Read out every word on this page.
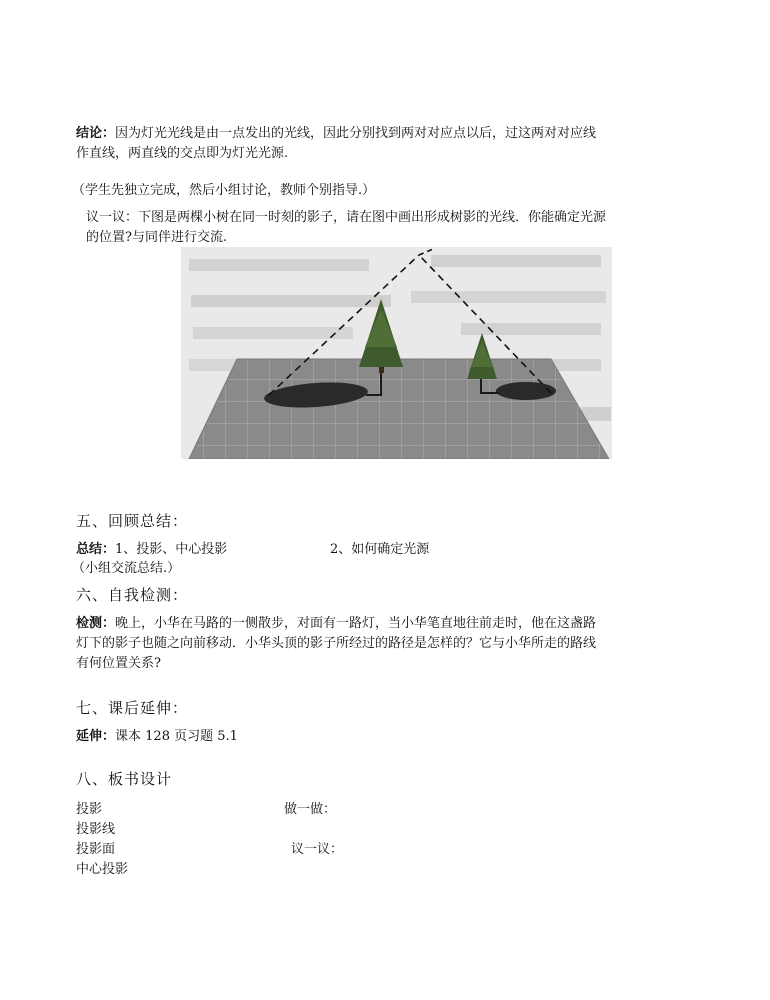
结论：因为灯光光线是由一点发出的光线，因此分别找到两对对应点以后，过这两对对应线
作直线，两直线的交点即为灯光光源.
（学生先独立完成，然后小组讨论，教师个别指导.）
议一议：下图是两棵小树在同一时刻的影子，请在图中画出形成树影的光线．你能确定光源
的位置?与同伴进行交流.
五、回顾总结：
总结：1、投影、中心投影	2、如何确定光源
（小组交流总结.）
六、自我检测：
检测：晚上，小华在马路的一侧散步，对面有一路灯，当小华笔直地往前走时，他在这盏路
灯下的影子也随之向前移动．小华头顶的影子所经过的路径是怎样的？它与小华所走的路线
有何位置关系?
七、课后延伸：
延伸：课本 128 页习题 5.1
八、板书设计
投影
投影线
投影面
中心投影
做一做：
议一议：
